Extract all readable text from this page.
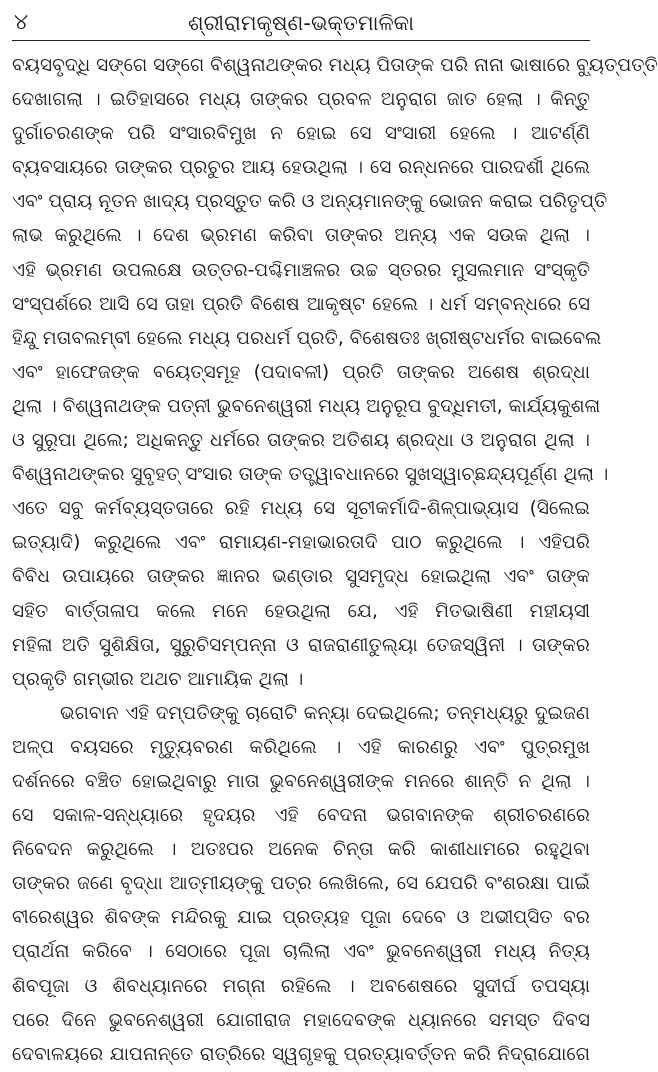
୪	ଶ୍ରୀରାମକୃଷ୍ଣ-ଭକ୍ତମାଳିକା
ବୟସବୃଦ୍ଧି ସଙ୍ଗେ ସଙ୍ଗେ ବିଶ୍ୱନାଥଙ୍କର ମଧ୍ୟ ପିତାଙ୍କ ପରି ନାନା ଭାଷାରେ ବ୍ୟୁତ୍ପତ୍ତି
ଦେଖାଗଲା । ଇତିହାସରେ ମଧ୍ୟ ତାଙ୍କର ପ୍ରବଳ ଅନୁରାଗ ଜାତ ହେଲା । କିନ୍ତୁ
ଦୁର୍ଗାଚରଣଙ୍କ ପରି ସଂସାରବିମୁଖ ନ ହୋଇ ସେ ସଂସାରୀ ହେଲେ । ଆଟର୍ଣ୍ଣି
ବ୍ୟବସାୟରେ ତାଙ୍କର ପ୍ରଚୁର ଆୟ ହେଉଥିଲା । ସେ ରନ୍ଧନରେ ପାରଦର୍ଶୀ ଥିଲେ
ଏବଂ ପ୍ରାୟ ନୂତନ ଖାଦ୍ୟ ପ୍ରସ୍ତୁତ କରି ଓ ଅନ୍ୟମାନଙ୍କୁ ଭୋଜନ କରାଇ ପରିତୃପ୍ତି
ଲାଭ କରୁଥିଲେ । ଦେଶ ଭ୍ରମଣ କରିବା ତାଙ୍କର ଅନ୍ୟ ଏକ ସଉକ ଥିଲା ।
ଏହି ଭ୍ରମଣ ଉପଲକ୍ଷେ ଉତ୍ତର-ପଶ୍ଚିମାଞ୍ଚଳର ଉଚ୍ଚ ସ୍ତରର ମୁସଲମାନ ସଂସ୍କୃତି
ସଂସ୍ପର୍ଶରେ ଆସି ସେ ତାହା ପ୍ରତି ବିଶେଷ ଆକୃଷ୍ଟ ହେଲେ । ଧର୍ମ ସମ୍ବନ୍ଧରେ ସେ
ହିନ୍ଦୁ ମତାବଲମ୍ବୀ ହେଲେ ମଧ୍ୟ ପରଧର୍ମ ପ୍ରତି, ବିଶେଷତଃ ଖ୍ରୀଷ୍ଟଧର୍ମର ବାଇବେଲ
ଏବଂ ହାଫେଜଙ୍କ ବୟେତ୍‌ସମୂହ (ପଦାବଳୀ) ପ୍ରତି ତାଙ୍କର ଅଶେଷ ଶ୍ରଦ୍ଧା
ଥିଲା । ବିଶ୍ୱନାଥଙ୍କ ପତ୍ନୀ ଭୁବନେଶ୍ୱରୀ ମଧ୍ୟ ଅନୁରୂପ ବୁଦ୍ଧିମତୀ, କାର୍ଯ୍ୟକୁଶଳା
ଓ ସୁରୂପା ଥିଲେ; ଅଧିକନ୍ତୁ ଧର୍ମରେ ତାଙ୍କର ଅତିଶୟ ଶ୍ରଦ୍ଧା ଓ ଅନୁରାଗ ଥିଲା ।
ବିଶ୍ୱନାଥଙ୍କର ସୁବୃହତ୍ ସଂସାର ତାଙ୍କ ତତ୍ତ୍ୱାବଧାନରେ ସୁଖସ୍ୱାଚ୍ଛନ୍ଦ୍ୟପୂର୍ଣ୍ଣ ଥିଲା ।
ଏତେ ସବୁ କର୍ମବ୍ୟସ୍ତତାରେ ରହି ମଧ୍ୟ ସେ ସୂଚୀକର୍ମାଦି-ଶିଳ୍ପାଭ୍ୟାସ (ସିଲେଇ
ଇତ୍ୟାଦି) କରୁଥିଲେ ଏବଂ ରାମାୟଣ-ମହାଭାରତାଦି ପାଠ କରୁଥିଲେ । ଏହିପରି
ବିବିଧ ଉପାୟରେ ତାଙ୍କର ଜ୍ଞାନର ଭଣ୍ଡାର ସୁସମୃଦ୍ଧ ହୋଇଥିଲା ଏବଂ ତାଙ୍କ
ସହିତ ବାର୍ତ୍ତାଳାପ କଲେ ମନେ ହେଉଥିଲା ଯେ, ଏହି ମିତଭାଷିଣୀ ମହୀୟସୀ
ମହିଳା ଅତି ସୁଶିକ୍ଷିତା, ସୁରୁଚିସମ୍ପନ୍ନା ଓ ରାଜରାଣୀତୁଲ୍ୟା ତେଜସ୍ୱିନୀ । ତାଙ୍କର
ପ୍ରକୃତି ଗମ୍ଭୀର ଅଥଚ ଆମାୟିକ ଥିଲା ।
ଭଗବାନ ଏହି ଦମ୍ପତିଙ୍କୁ ଚାରୋଟି କନ୍ୟା ଦେଇଥିଲେ; ତନ୍ମଧ୍ୟରୁ ଦୁଇଜଣ
ଅଳ୍ପ ବୟସରେ ମୃତ୍ୟୁବରଣ କରିଥିଲେ । ଏହି କାରଣରୁ ଏବଂ ପୁତ୍ରମୁଖ
ଦର୍ଶନରେ ବଞ୍ଚିତ ହୋଇଥିବାରୁ ମାତା ଭୁବନେଶ୍ୱରୀଙ୍କ ମନରେ ଶାନ୍ତି ନ ଥିଲା ।
ସେ ସକାଳ-ସନ୍ଧ୍ୟାରେ ହୃଦୟର ଏହି ବେଦନା ଭଗବାନଙ୍କ ଶ୍ରୀଚରଣରେ
ନିବେଦନ କରୁଥିଲେ । ଅତଃପର ଅନେକ ଚିନ୍ତା କରି କାଶୀଧାମରେ ରହୁଥିବା
ତାଙ୍କର ଜଣେ ବୃଦ୍ଧା ଆତ୍ମୀୟଙ୍କୁ ପତ୍ର ଲେଖିଲେ, ସେ ଯେପରି ବଂଶରକ୍ଷା ପାଇଁ
ବୀରେଶ୍ୱର ଶିବଙ୍କ ମନ୍ଦିରକୁ ଯାଇ ପ୍ରତ୍ୟହ ପୂଜା ଦେବେ ଓ ଅଭୀପ୍ସିତ ବର
ପ୍ରାର୍ଥନା କରିବେ । ସେଠାରେ ପୂଜା ଚାଲିଲା ଏବଂ ଭୁବନେଶ୍ୱରୀ ମଧ୍ୟ ନିତ୍ୟ
ଶିବପୂଜା ଓ ଶିବଧ୍ୟାନରେ ମଗ୍ନା ରହିଲେ । ଅବଶେଷରେ ସୁଦୀର୍ଘ ତପସ୍ୟା
ପରେ ଦିନେ ଭୁବନେଶ୍ୱରୀ ଯୋଗୀରାଜ ମହାଦେବଙ୍କ ଧ୍ୟାନରେ ସମସ୍ତ ଦିବସ
ଦେବାଳୟରେ ଯାପନାନ୍ତେ ରାତ୍ରିରେ ସ୍ୱଗୃହକୁ ପ୍ରତ୍ୟାବର୍ତ୍ତନ କରି ନିଦ୍ରାଯୋଗେ
